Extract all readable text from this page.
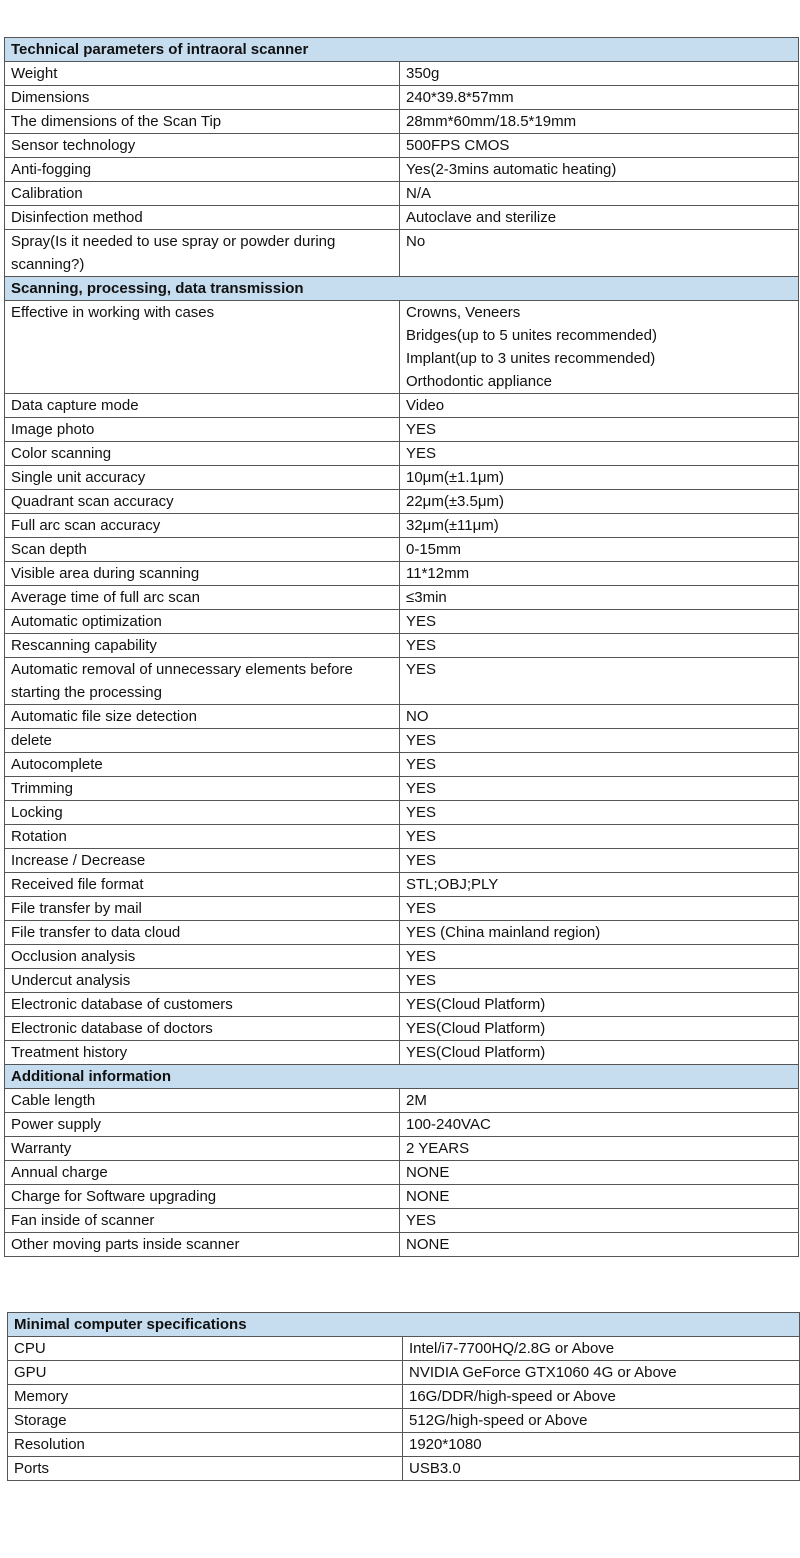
Technical parameters of intraoral scanner	
Weight	350g
Dimensions	240*39.8*57mm
The dimensions of the Scan Tip	28mm*60mm/18.5*19mm
Sensor technology	500FPS CMOS
Anti-fogging	Yes(2-3mins automatic heating)
Calibration	N/A
Disinfection method	Autoclave and sterilize
Spray(Is it needed to use spray or powder during scanning?)	No
Scanning, processing, data transmission	
Effective in working with cases	Crowns, Veneers
Bridges(up to 5 unites recommended)
Implant(up to 3 unites recommended)
Orthodontic appliance

Data capture mode	Video
Image photo	YES
Color scanning	YES
Single unit accuracy	10μm(±1.1μm)
Quadrant scan accuracy	22μm(±3.5μm)
Full arc scan accuracy	32μm(±11μm)
Scan depth	0-15mm
Visible area during scanning	11*12mm
Average time of full arc scan	≤3min
Automatic optimization	YES
Rescanning capability	YES
Automatic removal of unnecessary elements before starting the processing	YES
Automatic file size detection	NO
delete	YES
Autocomplete	YES
Trimming	YES
Locking	YES
Rotation	YES
Increase / Decrease	YES
Received file format	STL;OBJ;PLY
File transfer by mail	YES
File transfer to data cloud	YES (China mainland region)
Occlusion analysis	YES
Undercut analysis	YES
Electronic database of customers	YES(Cloud Platform)
Electronic database of doctors	YES(Cloud Platform)
Treatment history	YES(Cloud Platform)
Additional information	
Cable length	2M
Power supply	100-240VAC
Warranty	2 YEARS
Annual charge	NONE
Charge for Software upgrading	NONE
Fan inside of scanner	YES
Other moving parts inside scanner	NONE
Minimal computer specifications	
CPU	Intel/i7-7700HQ/2.8G or Above
GPU	NVIDIA GeForce GTX1060 4G or Above
Memory	16G/DDR/high-speed or Above
Storage	512G/high-speed or Above
Resolution	1920*1080
Ports	USB3.0
